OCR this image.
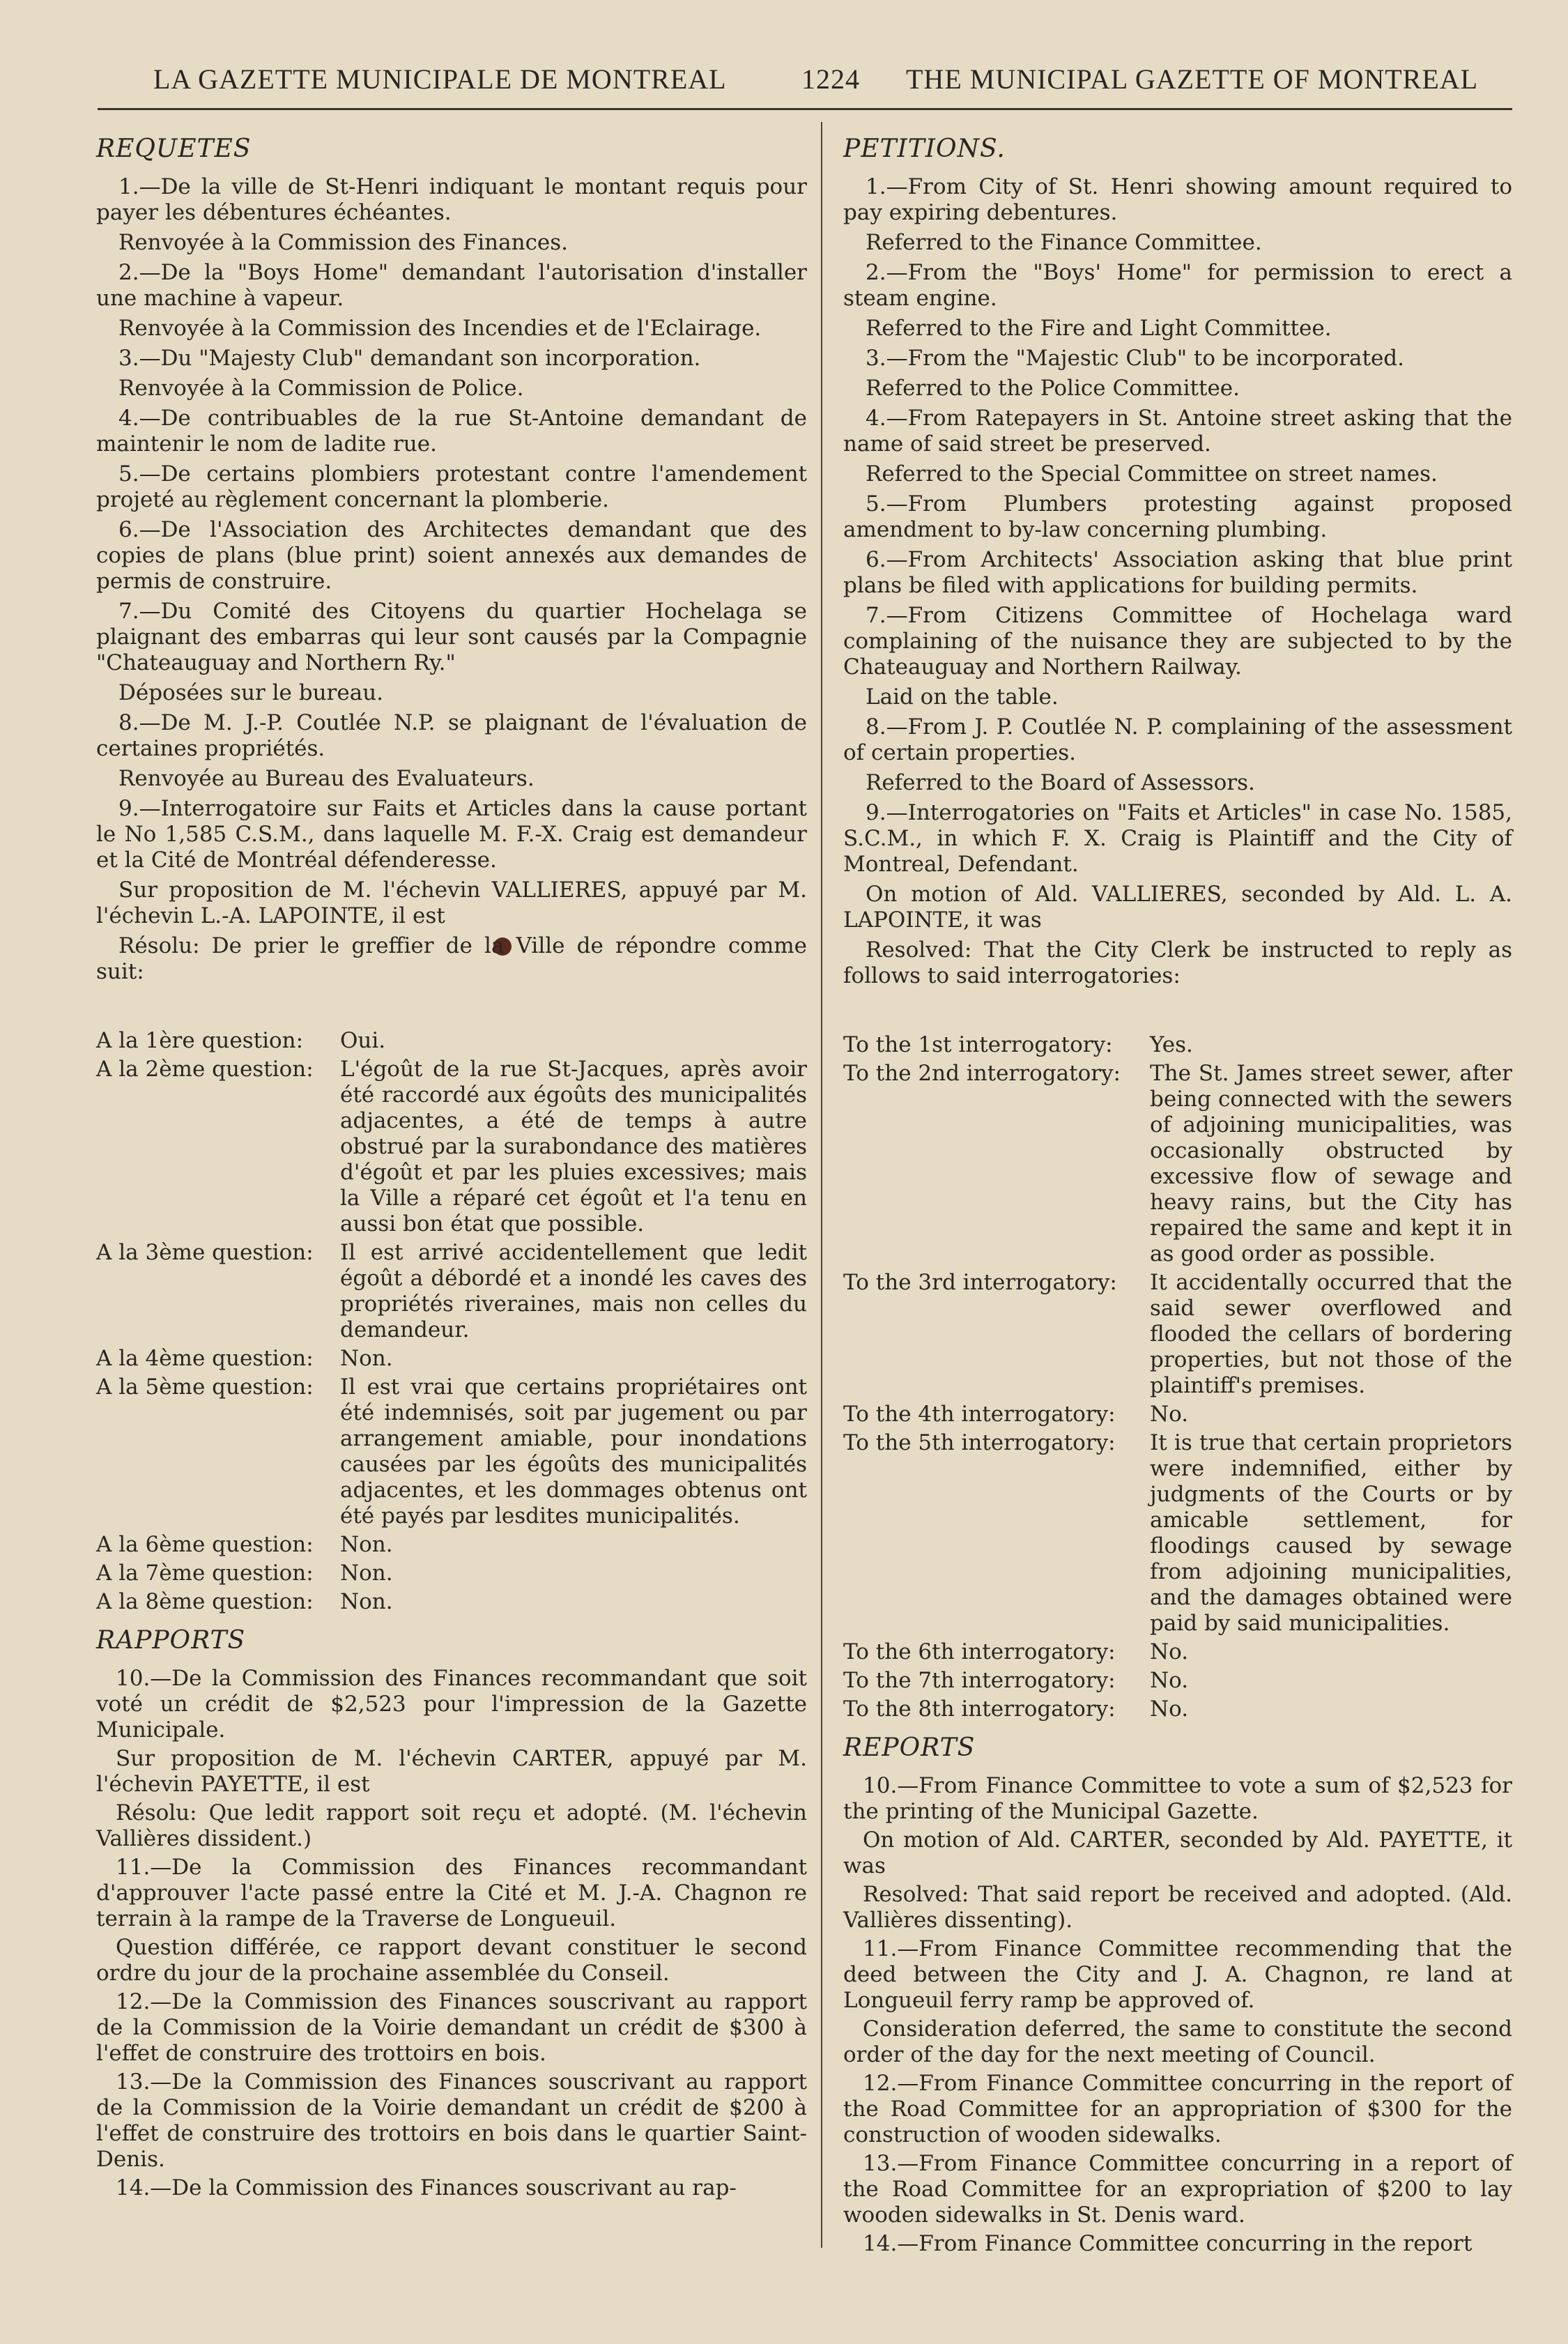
LA GAZETTE MUNICIPALE DE MONTREAL	1224 THE MUNICIPAL GAZETTE OF MONTREAL
REQUETES

1.—De la ville de St-Henri indiquant le montant requis pour payer les débentures échéantes.

Renvoyée à la Commission des Finances.

2.—De la "Boys Home" demandant l'autorisation d'installer une machine à vapeur.

Renvoyée à la Commission des Incendies et de l'Eclairage.

3.—Du "Majesty Club" demandant son incorporation.

Renvoyée à la Commission de Police.

4.—De contribuables de la rue St-Antoine demandant de maintenir le nom de ladite rue.

5.—De certains plombiers protestant contre l'amendement projeté au règlement concernant la plomberie.

6.—De l'Association des Architectes demandant que des copies de plans (blue print) soient annexés aux demandes de permis de construire.

7.—Du Comité des Citoyens du quartier Hochelaga se plaignant des embarras qui leur sont causés par la Compagnie "Chateauguay and Northern Ry."

Déposées sur le bureau.

8.—De M. J.-P. Coutlée N.P. se plaignant de l'évaluation de certaines propriétés.

Renvoyée au Bureau des Evaluateurs.

9.—Interrogatoire sur Faits et Articles dans la cause portant le No 1,585 C.S.M., dans laquelle M. F.-X. Craig est demandeur et la Cité de Montréal défenderesse.

Sur proposition de M. l'échevin VALLIERES, appuyé par M. l'échevin L.-A. LAPOINTE, il est

Résolu: De prier le greffier de la Ville de répondre comme suit:

A la 1ère question:	Oui.
A la 2ème question:	L'égoût de la rue St-Jacques, après avoir été raccordé aux égoûts des municipalités adjacentes, a été de temps à autre obstrué par la surabondance des matières d'égoût et par les pluies excessives; mais la Ville a réparé cet égoût et l'a tenu en aussi bon état que possible.
A la 3ème question:	Il est arrivé accidentellement que ledit égoût a débordé et a inondé les caves des propriétés riveraines, mais non celles du demandeur.
A la 4ème question:	Non.
A la 5ème question:	Il est vrai que certains propriétaires ont été indemnisés, soit par jugement ou par arrangement amiable, pour inondations causées par les égoûts des municipalités adjacentes, et les dommages obtenus ont été payés par lesdites municipalités.
A la 6ème question:	Non.
A la 7ème question:	Non.
A la 8ème question:	Non.
RAPPORTS

10.—De la Commission des Finances recommandant que soit voté un crédit de $2,523 pour l'impression de la Gazette Municipale.

Sur proposition de M. l'échevin CARTER, appuyé par M. l'échevin PAYETTE, il est

Résolu: Que ledit rapport soit reçu et adopté. (M. l'échevin Vallières dissident.)

11.—De la Commission des Finances recommandant d'approuver l'acte passé entre la Cité et M. J.-A. Chagnon re terrain à la rampe de la Traverse de Longueuil.

Question différée, ce rapport devant constituer le second ordre du jour de la prochaine assemblée du Conseil.

12.—De la Commission des Finances souscrivant au rapport de la Commission de la Voirie demandant un crédit de $300 à l'effet de construire des trottoirs en bois.

13.—De la Commission des Finances souscrivant au rapport de la Commission de la Voirie demandant un crédit de $200 à l'effet de construire des trottoirs en bois dans le quartier Saint-Denis.

14.—De la Commission des Finances souscrivant au rap-

PETITIONS.

1.—From City of St. Henri showing amount required to pay expiring debentures.

Referred to the Finance Committee.

2.—From the "Boys' Home" for permission to erect a steam engine.

Referred to the Fire and Light Committee.

3.—From the "Majestic Club" to be incorporated.

Referred to the Police Committee.

4.—From Ratepayers in St. Antoine street asking that the name of said street be preserved.

Referred to the Special Committee on street names.

5.—From Plumbers protesting against proposed amendment to by-law concerning plumbing.

6.—From Architects' Association asking that blue print plans be filed with applications for building permits.

7.—From Citizens Committee of Hochelaga ward complaining of the nuisance they are subjected to by the Chateauguay and Northern Railway.

Laid on the table.

8.—From J. P. Coutlée N. P. complaining of the assessment of certain properties.

Referred to the Board of Assessors.

9.—Interrogatories on "Faits et Articles" in case No. 1585, S.C.M., in which F. X. Craig is Plaintiff and the City of Montreal, Defendant.

On motion of Ald. VALLIERES, seconded by Ald. L. A. LAPOINTE, it was

Resolved: That the City Clerk be instructed to reply as follows to said interrogatories:

To the 1st interrogatory:	Yes.
To the 2nd interrogatory:	The St. James street sewer, after being connected with the sewers of adjoining municipalities, was occasionally obstructed by excessive flow of sewage and heavy rains, but the City has repaired the same and kept it in as good order as possible.
To the 3rd interrogatory:	It accidentally occurred that the said sewer overflowed and flooded the cellars of bordering properties, but not those of the plaintiff's premises.
To the 4th interrogatory:	No.
To the 5th interrogatory:	It is true that certain proprietors were indemnified, either by judgments of the Courts or by amicable settlement, for floodings caused by sewage from adjoining municipalities, and the damages obtained were paid by said municipalities.
To the 6th interrogatory:	No.
To the 7th interrogatory:	No.
To the 8th interrogatory:	No.
REPORTS

10.—From Finance Committee to vote a sum of $2,523 for the printing of the Municipal Gazette.

On motion of Ald. CARTER, seconded by Ald. PAYETTE, it was

Resolved: That said report be received and adopted. (Ald. Vallières dissenting).

11.—From Finance Committee recommending that the deed between the City and J. A. Chagnon, re land at Longueuil ferry ramp be approved of.

Consideration deferred, the same to constitute the second order of the day for the next meeting of Council.

12.—From Finance Committee concurring in the report of the Road Committee for an appropriation of $300 for the construction of wooden sidewalks.

13.—From Finance Committee concurring in a report of the Road Committee for an expropriation of $200 to lay wooden sidewalks in St. Denis ward.

14.—From Finance Committee concurring in the report
